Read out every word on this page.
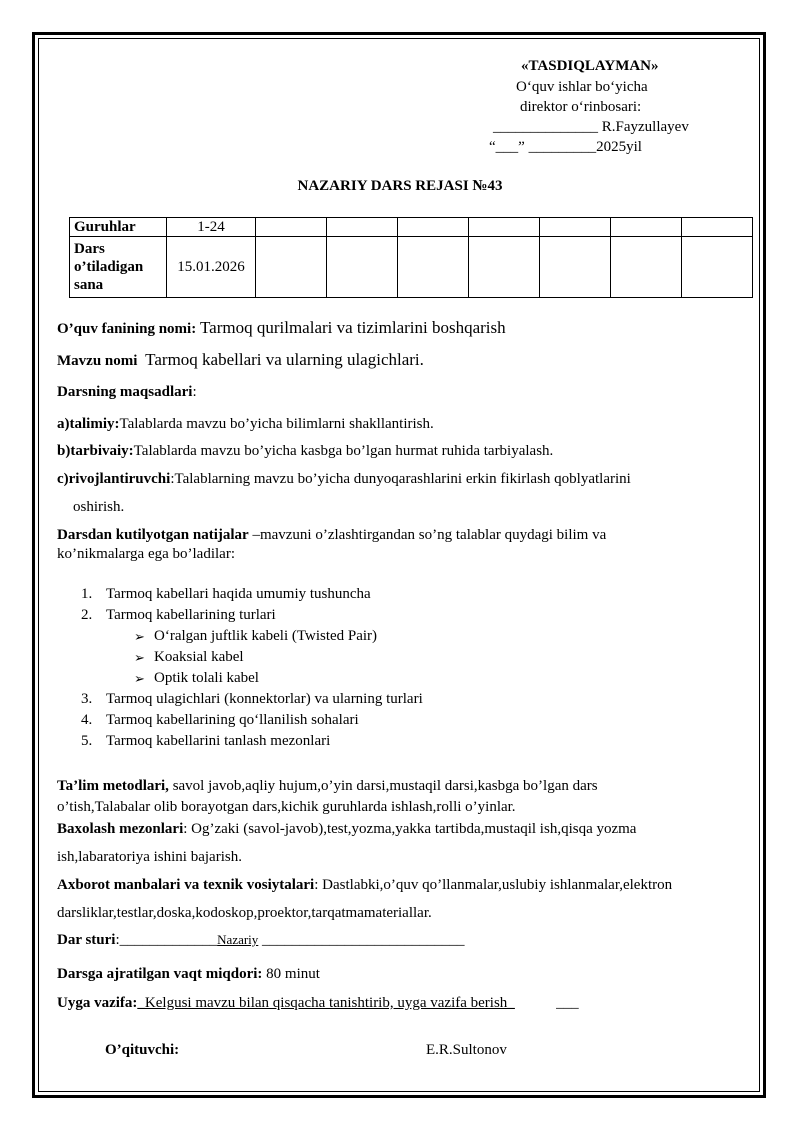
«TASDIQLAYMAN»
O‘quv ishlar bo‘yicha
direktor o‘rinbosari:
______________ R.Fayzullayev
“___” _________2025yil
NAZARIY DARS REJASI №43
Guruhlar	1-24							
Dars o’tiladigan sana	15.01.2026							
O’quv fanining nomi: Tarmoq qurilmalari va tizimlarini boshqarish
Mavzu nomi Tarmoq kabellari va ularning ulagichlari.
Darsning maqsadlari:
a)talimiy:Talablarda mavzu bo’yicha bilimlarni shakllantirish.
b)tarbivaiy:Talablarda mavzu bo’yicha kasbga bo’lgan hurmat ruhida tarbiyalash.
c)rivojlantiruvchi:Talablarning mavzu bo’yicha dunyoqarashlarini erkin fikirlash qoblyatlarini
oshirish.
Darsdan kutilyotgan natijalar –mavzuni o’zlashtirgandan so’ng talablar quydagi bilim va
ko’nikmalarga ega bo’ladilar:
1. Tarmoq kabellari haqida umumiy tushuncha
2. Tarmoq kabellarining turlari
➢ O‘ralgan juftlik kabeli (Twisted Pair)
➢ Koaksial kabel
➢ Optik tolali kabel
3. Tarmoq ulagichlari (konnektorlar) va ularning turlari
4. Tarmoq kabellarining qo‘llanilish sohalari
5. Tarmoq kabellarini tanlash mezonlari
Ta’lim metodlari, savol javob,aqliy hujum,o’yin darsi,mustaqil darsi,kasbga bo’lgan dars
o’tish,Talabalar olib borayotgan dars,kichik guruhlarda ishlash,rolli o’yinlar.
Baxolash mezonlari: Og’zaki (savol-javob),test,yozma,yakka tartibda,mustaqil ish,qisqa yozma
ish,labaratoriya ishini bajarish.
Axborot manbalari va texnik vosiytalari: Dastlabki,o’quv qo’llanmalar,uslubiy ishlanmalar,elektron
darsliklar,testlar,doska,kodoskop,proektor,tarqatmamateriallar.
Dar sturi:_____________Nazariy ___________________________
Darsga ajratilgan vaqt miqdori: 80 minut
Uyga vazifa:_Kelgusi mavzu bilan qisqacha tanishtirib, uyga vazifa berish_           ___
O’qituvchi:	E.R.Sultonov
